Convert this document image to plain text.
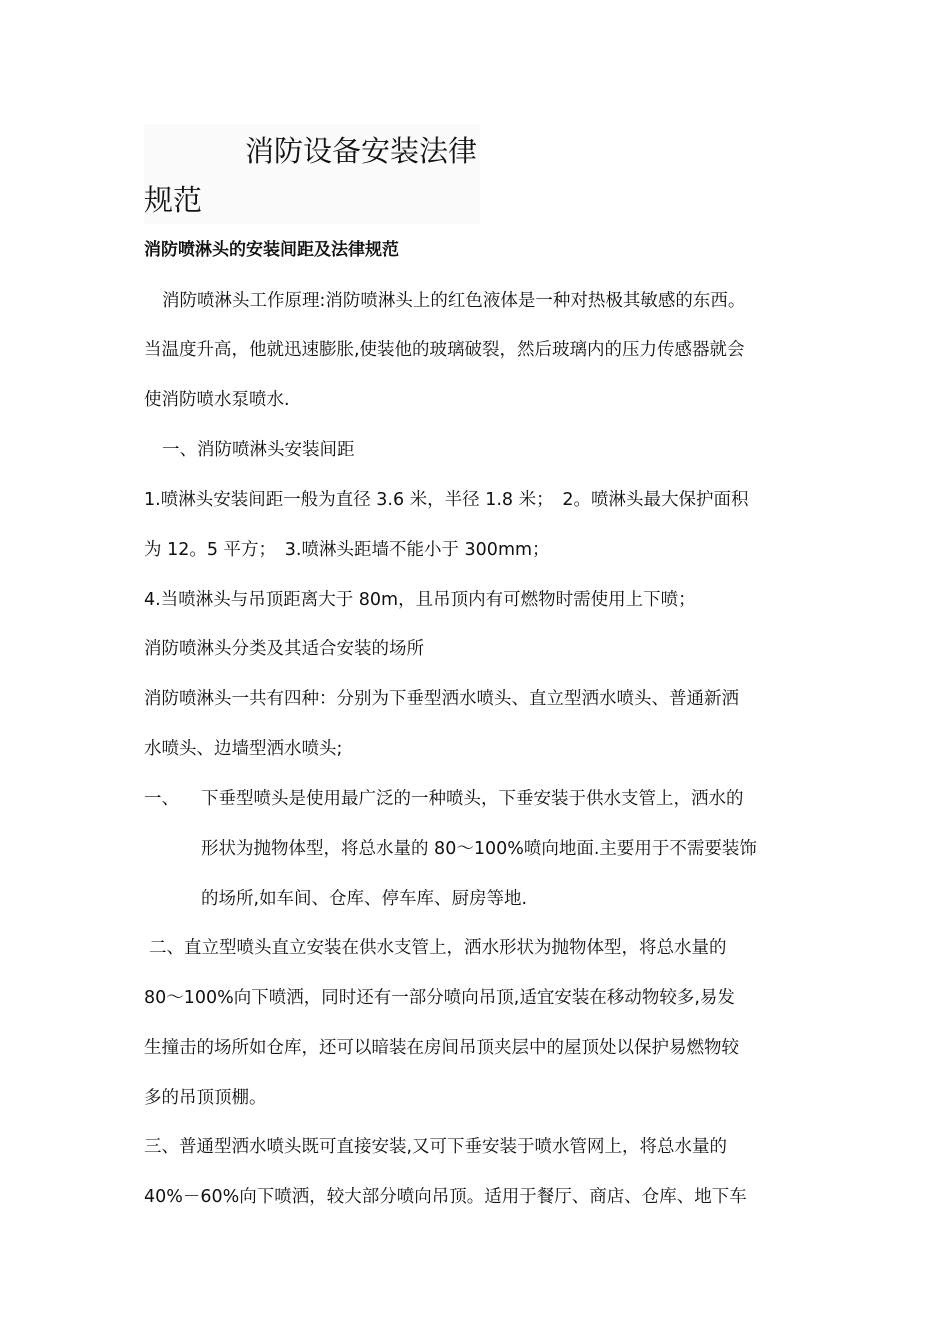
消防设备安装法律
规范
消防喷淋头的安装间距及法律规范
消防喷淋头工作原理:消防喷淋头上的红色液体是一种对热极其敏感的东西。
当温度升高，他就迅速膨胀,使装他的玻璃破裂，然后玻璃内的压力传感器就会
使消防喷水泵喷水.
一、消防喷淋头安装间距
1.喷淋头安装间距一般为直径 3.6 米，半径 1.8 米；　2。喷淋头最大保护面积
为 12。5 平方；　3.喷淋头距墙不能小于 300mm；
4.当喷淋头与吊顶距离大于 80m，且吊顶内有可燃物时需使用上下喷；
消防喷淋头分类及其适合安装的场所
消防喷淋头一共有四种：分别为下垂型洒水喷头、直立型洒水喷头、普通新洒
水喷头、边墙型洒水喷头;
一、 下垂型喷头是使用最广泛的一种喷头，下垂安装于供水支管上，洒水的
形状为抛物体型，将总水量的 80～100%喷向地面.主要用于不需要装饰
的场所,如车间、仓库、停车库、厨房等地.
二、直立型喷头直立安装在供水支管上，洒水形状为抛物体型，将总水量的
80～100%向下喷洒，同时还有一部分喷向吊顶,适宜安装在移动物较多,易发
生撞击的场所如仓库，还可以暗装在房间吊顶夹层中的屋顶处以保护易燃物较
多的吊顶顶棚。
三、普通型洒水喷头既可直接安装,又可下垂安装于喷水管网上，将总水量的
40%－60%向下喷洒，较大部分喷向吊顶。适用于餐厅、商店、仓库、地下车
